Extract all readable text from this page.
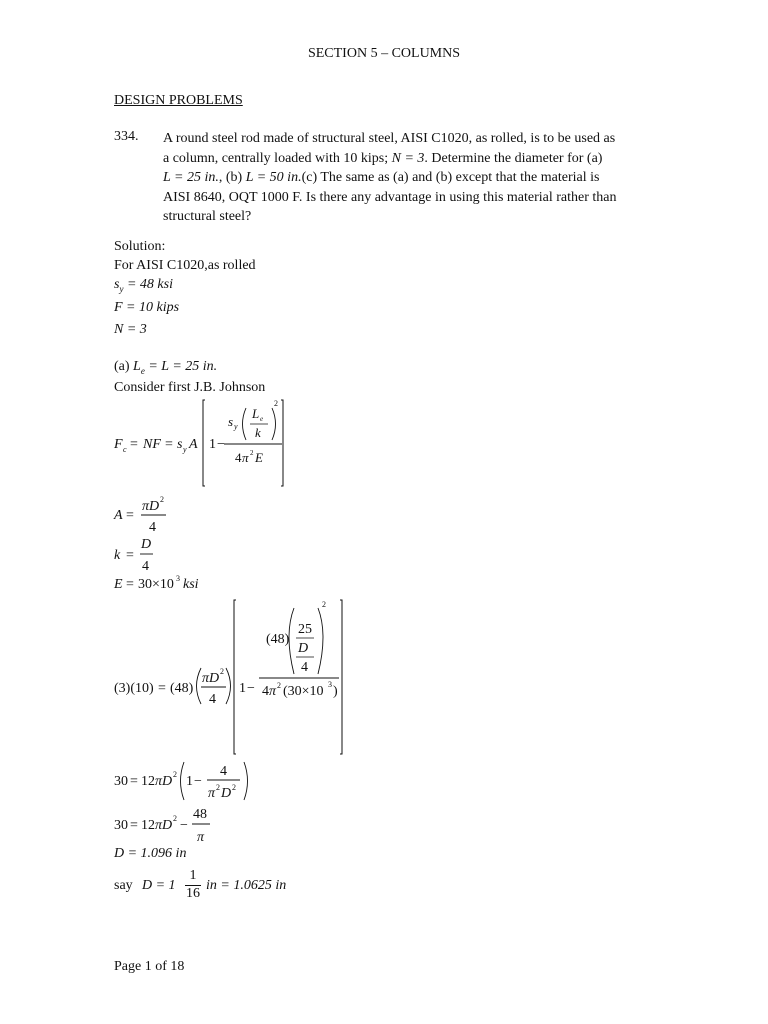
SECTION 5 – COLUMNS
DESIGN PROBLEMS
334. A round steel rod made of structural steel, AISI C1020, as rolled, is to be used as
a column, centrally loaded with 10 kips; N = 3. Determine the diameter for (a)
L = 25 in., (b) L = 50 in.(c) The same as (a) and (b) except that the material is
AISI 8640, OQT 1000 F. Is there any advantage in using this material rather than
structural steel?
Solution:
For AISI C1020,as rolled
$s_y = 48$ ksi
F = 10 kips
N = 3
(a) $L_e = L = 25$ in.
Consider first J.B. Johnson
F c = NF = s y A 1 −
s y
L e
k
2
4 π 2 E
A =
πD 2
4
k =
D
4
E = 30×10 3 ksi
(3)(10) = (48)
πD 2
4
1 −
(48)
25
D
4
2
4 π 2 (30×10 3 )
30 = 12 πD 2 1 −
4
π 2 D 2
30 = 12 πD 2 −
48
π
D = 1.096 in
say D = 1
1
16
in = 1.0625 in
Page 1 of 18
